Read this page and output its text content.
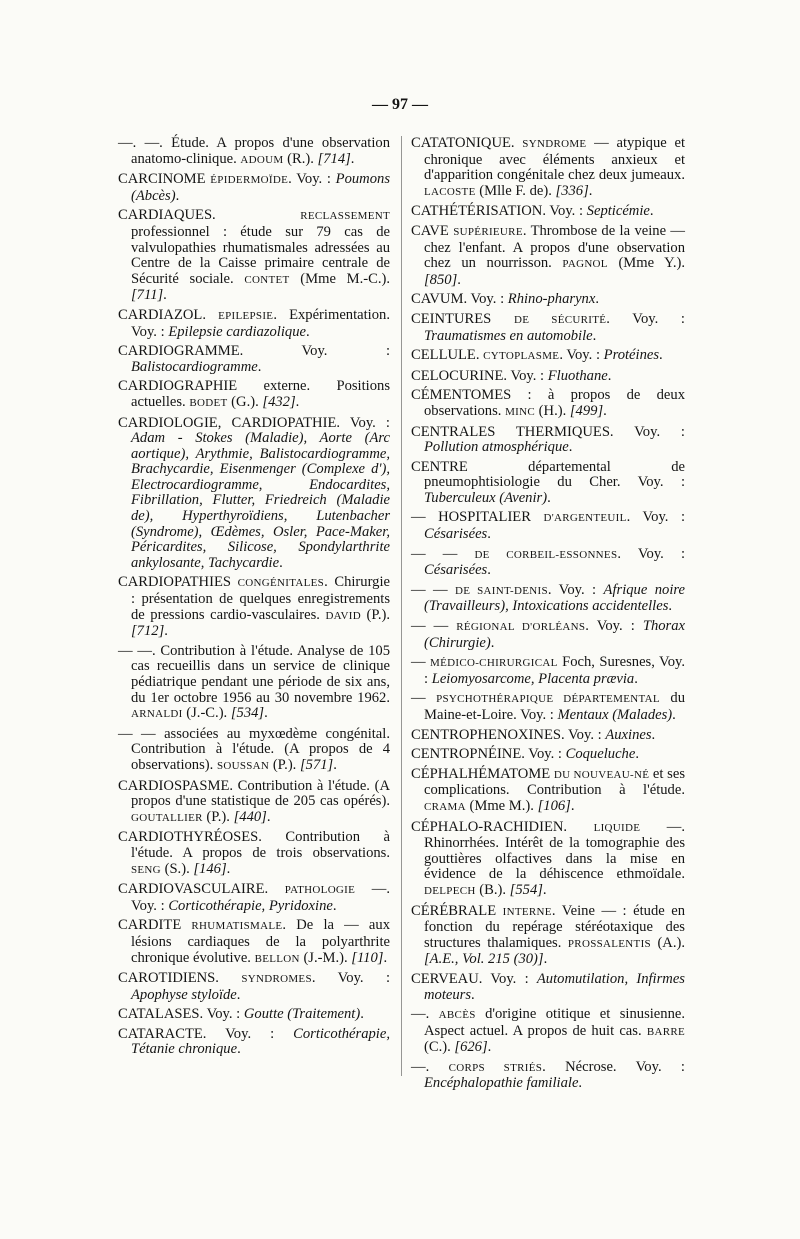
— 97 —
—. —. Étude. A propos d'une observation anatomo-clinique. ADOUM (R.). [714].
CARCINOME ÉPIDERMOÏDE. Voy. : Poumons (Abcès).
CARDIAQUES. RECLASSEMENT professionnel : étude sur 79 cas de valvulopathies rhumatismales adressées au Centre de la Caisse primaire centrale de Sécurité sociale. CONTET (Mme M.-C.). [711].
CARDIAZOL. EPILEPSIE. Expérimentation. Voy. : Epilepsie cardiazolique.
CARDIOGRAMME. Voy. : Balistocardiogramme.
CARDIOGRAPHIE externe. Positions actuelles. BODET (G.). [432].
CARDIOLOGIE, CARDIOPATHIE. Voy. : Adam - Stokes (Maladie), Aorte (Arc aortique), Arythmie, Balistocardiogramme, Brachycardie, Eisenmenger (Complexe d'), Electrocardiogramme, Endocardites, Fibrillation, Flutter, Friedreich (Maladie de), Hyperthyroïdiens, Lutenbacher (Syndrome), Œdèmes, Osler, Pace-Maker, Péricardites, Silicose, Spondylarthrite ankylosante, Tachycardie.
CARDIOPATHIES CONGÉNITALES. Chirurgie : présentation de quelques enregistrements de pressions cardio-vasculaires. DAVID (P.). [712].
— —. Contribution à l'étude. Analyse de 105 cas recueillis dans un service de clinique pédiatrique pendant une période de six ans, du 1er octobre 1956 au 30 novembre 1962. ARNALDI (J.-C.). [534].
— — associées au myxœdème congénital. Contribution à l'étude. (A propos de 4 observations). SOUSSAN (P.). [571].
CARDIOSPASME. Contribution à l'étude. (A propos d'une statistique de 205 cas opérés). GOUTALLIER (P.). [440].
CARDIOTHYRÉOSES. Contribution à l'étude. A propos de trois observations. SENG (S.). [146].
CARDIOVASCULAIRE. PATHOLOGIE —. Voy. : Corticothérapie, Pyridoxine.
CARDITE RHUMATISMALE. De la — aux lésions cardiaques de la polyarthrite chronique évolutive. BELLON (J.-M.). [110].
CAROTIDIENS. SYNDROMES. Voy. : Apophyse styloïde.
CATALASES. Voy. : Goutte (Traitement).
CATARACTE. Voy. : Corticothérapie, Tétanie chronique.
CATATONIQUE. SYNDROME — atypique et chronique avec éléments anxieux et d'apparition congénitale chez deux jumeaux. LACOSTE (Mlle F. de). [336].
CATHÉTÉRISATION. Voy. : Septicémie.
CAVE SUPÉRIEURE. Thrombose de la veine — chez l'enfant. A propos d'une observation chez un nourrisson. PAGNOL (Mme Y.). [850].
CAVUM. Voy. : Rhino-pharynx.
CEINTURES DE SÉCURITÉ. Voy. : Traumatismes en automobile.
CELLULE. CYTOPLASME. Voy. : Protéines.
CELOCURINE. Voy. : Fluothane.
CÉMENTOMES : à propos de deux observations. MINC (H.). [499].
CENTRALES THERMIQUES. Voy. : Pollution atmosphérique.
CENTRE départemental de pneumophtisiologie du Cher. Voy. : Tuberculeux (Avenir).
— HOSPITALIER D'ARGENTEUIL. Voy. : Césarisées.
— — DE CORBEIL-ESSONNES. Voy. : Césarisées.
— — DE SAINT-DENIS. Voy. : Afrique noire (Travailleurs), Intoxications accidentelles.
— — RÉGIONAL D'ORLÉANS. Voy. : Thorax (Chirurgie).
— MÉDICO-CHIRURGICAL Foch, Suresnes, Voy. : Leiomyosarcome, Placenta prævia.
— PSYCHOTHÉRAPIQUE DÉPARTEMENTAL du Maine-et-Loire. Voy. : Mentaux (Malades).
CENTROPHENOXINES. Voy. : Auxines.
CENTROPNÉINE. Voy. : Coqueluche.
CÉPHALHÉMATOME DU NOUVEAU-NÉ et ses complications. Contribution à l'étude. CRAMA (Mme M.). [106].
CÉPHALO-RACHIDIEN. LIQUIDE —. Rhinorrhées. Intérêt de la tomographie des gouttières olfactives dans la mise en évidence de la déhiscence ethmoïdale. DELPECH (B.). [554].
CÉRÉBRALE INTERNE. Veine — : étude en fonction du repérage stéréotaxique des structures thalamiques. PROSSALENTIS (A.). [A.E., Vol. 215 (30)].
CERVEAU. Voy. : Automutilation, Infirmes moteurs.
—. ABCÈS d'origine otitique et sinusienne. Aspect actuel. A propos de huit cas. BARRE (C.). [626].
—. CORPS STRIÉS. Nécrose. Voy. : Encéphalopathie familiale.
